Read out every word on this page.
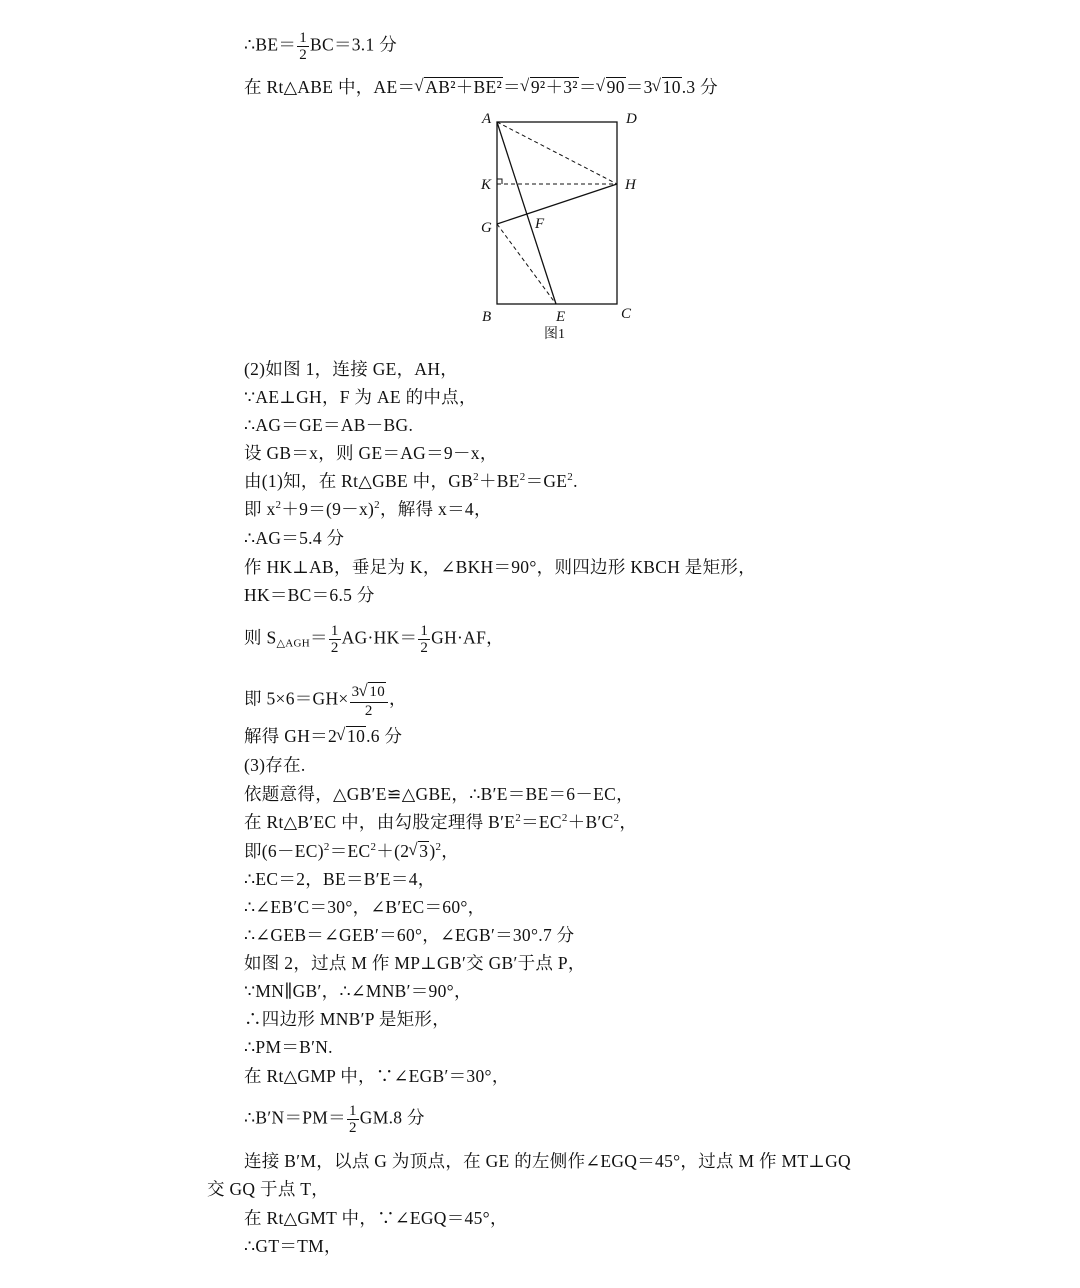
∴BE＝ $\frac{1}{2} BC=3.1$ 分
在 Rt△ABE 中，AE＝√ AB²＋BE²＝√ 9²＋3²＝√ 90＝3√ 10.3 分
A	D
K	H
G	F
B	E	C
图1
(2)如图 1，连接 GE，AH，
∵AE⊥GH，F 为 AE 的中点，
∴AG＝GE＝AB－BG.
设 GB＝x，则 GE＝AG＝9－x，
由(1)知，在 Rt△GBE 中，$GB^2+BE^2=GE^2$.
即 $x^2+9=(9-x)^2$，解得 x＝4，
∴AG＝5.4 分
作 HK⊥AB，垂足为 K，∠BKH＝90°，则四边形 KBCH 是矩形，
HK＝BC＝6.5 分
则 $S_{\triangle AGH}= \frac{1}{2} AG\cdot HK= \frac{1}{2} GH\cdot AF$，
即 $5\times 6=GH\times \frac{3√ 10}{2}$ ，
解得 GH＝2√ 10.6 分
(3)存在.
依题意得，△GB′E≌△GBE，∴B′E＝BE＝6－EC，
在 Rt△B′EC 中，由勾股定理得 $B'E^2=EC^2+B'C^2$，
即$(6-EC)^2=EC^2+(2√$ 3)$^2$，
∴EC＝2，BE＝B′E＝4，
∴∠EB′C＝30°，∠B′EC＝60°，
∴∠GEB＝∠GEB′＝60°，∠EGB′＝30°.7 分
如图 2，过点 M 作 MP⊥GB′交 GB′于点 P，
∵MN∥GB′，∴∠MNB′＝90°，
∴四边形 MNB′P 是矩形，
∴PM＝B′N.
在 Rt△GMP 中，∵∠EGB′＝30°，
∴B′N＝PM＝ $\frac{1}{2} GM.8$ 分
连接 B′M，以点 G 为顶点，在 GE 的左侧作∠EGQ＝45°，过点 M 作 MT⊥GQ
交 GQ 于点 T，
在 Rt△GMT 中，∵∠EGQ＝45°，
∴GT＝TM，
